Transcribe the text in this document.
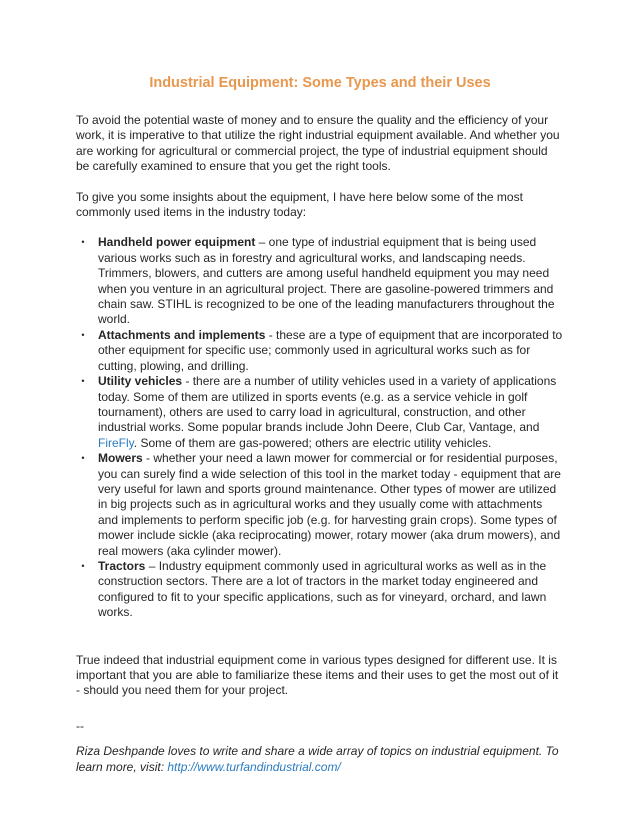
Industrial Equipment: Some Types and their Uses

To avoid the potential waste of money and to ensure the quality and the efficiency of your work, it is imperative to that utilize the right industrial equipment available. And whether you are working for agricultural or commercial project, the type of industrial equipment should be carefully examined to ensure that you get the right tools.

To give you some insights about the equipment, I have here below some of the most commonly used items in the industry today:

•	Handheld power equipment – one type of industrial equipment that is being used various works such as in forestry and agricultural works, and landscaping needs. Trimmers, blowers, and cutters are among useful handheld equipment you may need when you venture in an agricultural project. There are gasoline-powered trimmers and chain saw. STIHL is recognized to be one of the leading manufacturers throughout the world.
•	Attachments and implements - these are a type of equipment that are incorporated to other equipment for specific use; commonly used in agricultural works such as for cutting, plowing, and drilling.
•	Utility vehicles - there are a number of utility vehicles used in a variety of applications today. Some of them are utilized in sports events (e.g. as a service vehicle in golf tournament), others are used to carry load in agricultural, construction, and other industrial works. Some popular brands include John Deere, Club Car, Vantage, and FireFly. Some of them are gas-powered; others are electric utility vehicles.
•	Mowers - whether your need a lawn mower for commercial or for residential purposes, you can surely find a wide selection of this tool in the market today - equipment that are very useful for lawn and sports ground maintenance. Other types of mower are utilized in big projects such as in agricultural works and they usually come with attachments and implements to perform specific job (e.g. for harvesting grain crops). Some types of mower include sickle (aka reciprocating) mower, rotary mower (aka drum mowers), and real mowers (aka cylinder mower).
•	Tractors – Industry equipment commonly used in agricultural works as well as in the construction sectors. There are a lot of tractors in the market today engineered and configured to fit to your specific applications, such as for vineyard, orchard, and lawn works.

True indeed that industrial equipment come in various types designed for different use. It is important that you are able to familiarize these items and their uses to get the most out of it - should you need them for your project.

--

Riza Deshpande loves to write and share a wide array of topics on industrial equipment. To learn more, visit: http://www.turfandindustrial.com/
